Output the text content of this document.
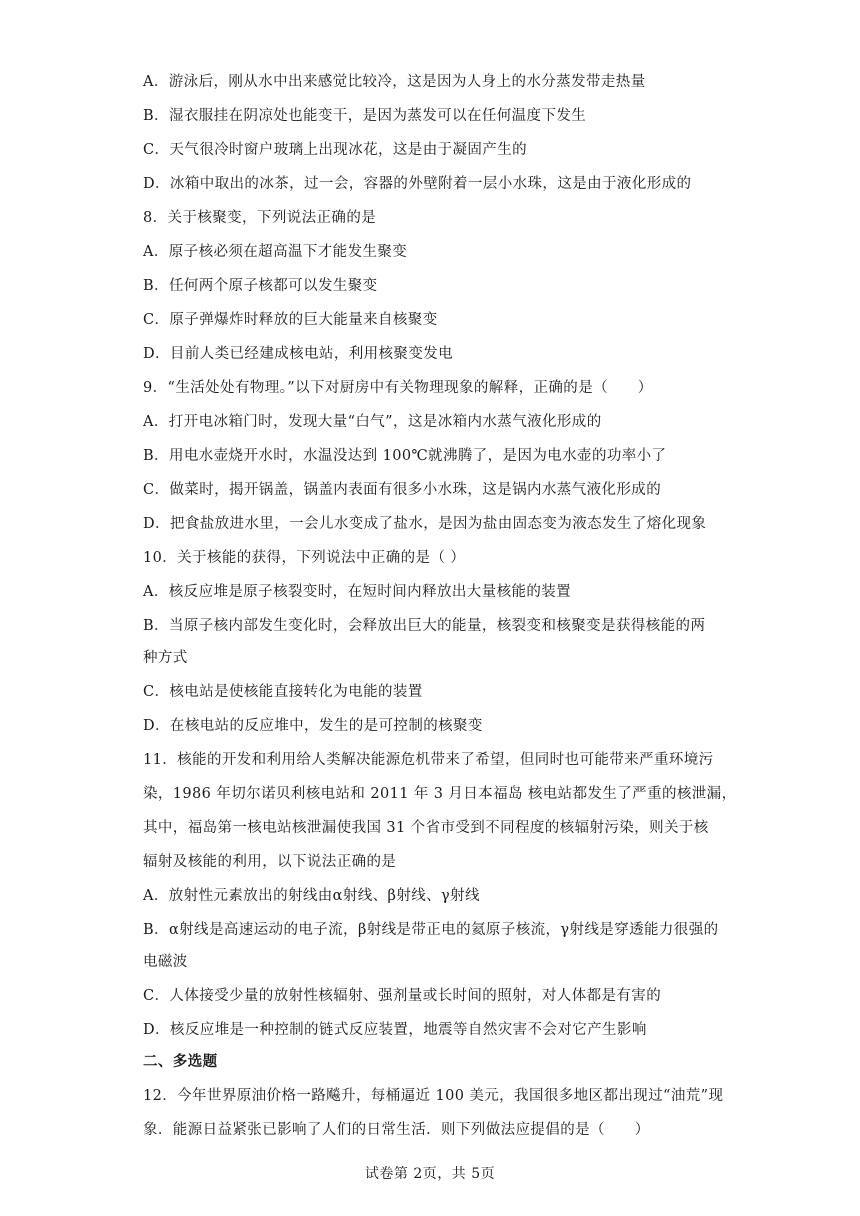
A．游泳后，刚从水中出来感觉比较冷，这是因为人身上的水分蒸发带走热量
B．湿衣服挂在阴凉处也能变干，是因为蒸发可以在任何温度下发生
C．天气很冷时窗户玻璃上出现冰花，这是由于凝固产生的
D．冰箱中取出的冰茶，过一会，容器的外壁附着一层小水珠，这是由于液化形成的
8．关于核聚变，下列说法正确的是
A．原子核必须在超高温下才能发生聚变
B．任何两个原子核都可以发生聚变
C．原子弹爆炸时释放的巨大能量来自核聚变
D．目前人类已经建成核电站，利用核聚变发电
9．“生活处处有物理。”以下对厨房中有关物理现象的解释，正确的是（　　）
A．打开电冰箱门时，发现大量“白气”，这是冰箱内水蒸气液化形成的
B．用电水壶烧开水时，水温没达到 100℃就沸腾了，是因为电水壶的功率小了
C．做菜时，揭开锅盖，锅盖内表面有很多小水珠，这是锅内水蒸气液化形成的
D．把食盐放进水里，一会儿水变成了盐水，是因为盐由固态变为液态发生了熔化现象
10．关于核能的获得，下列说法中正确的是（ ）
A．核反应堆是原子核裂变时，在短时间内释放出大量核能的装置
B．当原子核内部发生变化时，会释放出巨大的能量，核裂变和核聚变是获得核能的两
种方式
C．核电站是使核能直接转化为电能的装置
D．在核电站的反应堆中，发生的是可控制的核聚变
11．核能的开发和利用给人类解决能源危机带来了希望，但同时也可能带来严重环境污
染，1986 年切尔诺贝利核电站和 2011 年 3 月日本福岛 核电站都发生了严重的核泄漏，
其中，福岛第一核电站核泄漏使我国 31 个省市受到不同程度的核辐射污染，则关于核
辐射及核能的利用，以下说法正确的是
A．放射性元素放出的射线由α射线、β射线、γ射线
B．α射线是高速运动的电子流，β射线是带正电的氦原子核流，γ射线是穿透能力很强的
电磁波
C．人体接受少量的放射性核辐射、强剂量或长时间的照射，对人体都是有害的
D．核反应堆是一种控制的链式反应装置，地震等自然灾害不会对它产生影响
二、多选题
12．今年世界原油价格一路飚升，每桶逼近 100 美元，我国很多地区都出现过“油荒”现
象．能源日益紧张已影响了人们的日常生活．则下列做法应提倡的是（　　）
试卷第 2页，共 5页
